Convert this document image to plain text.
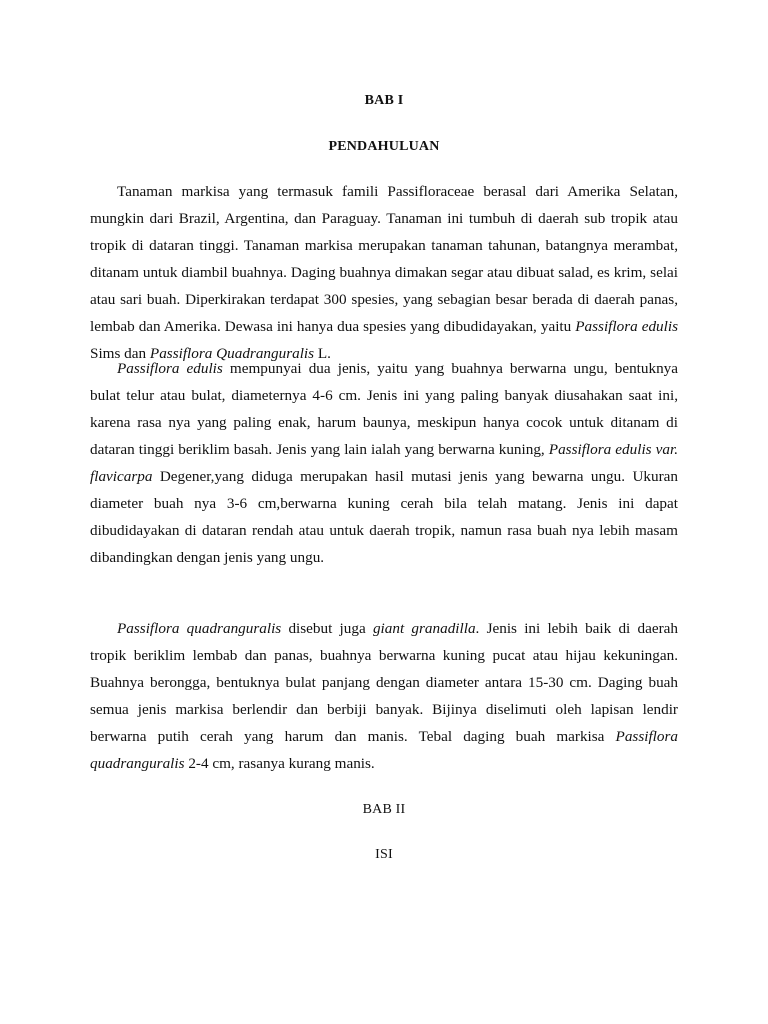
BAB I
PENDAHULUAN

Tanaman markisa yang termasuk famili Passifloraceae berasal dari Amerika Selatan, mungkin dari Brazil, Argentina, dan Paraguay. Tanaman ini tumbuh di daerah sub tropik atau tropik di dataran tinggi. Tanaman markisa merupakan tanaman tahunan, batangnya merambat, ditanam untuk diambil buahnya. Daging buahnya dimakan segar atau dibuat salad, es krim, selai atau sari buah. Diperkirakan terdapat 300 spesies, yang sebagian besar berada di daerah panas, lembab dan Amerika. Dewasa ini hanya dua spesies yang dibudidayakan, yaitu Passiflora edulis Sims dan Passiflora Quadranguralis L.

Passiflora edulis mempunyai dua jenis, yaitu yang buahnya berwarna ungu, bentuknya bulat telur atau bulat, diameternya 4-6 cm. Jenis ini yang paling banyak diusahakan saat ini, karena rasa nya yang paling enak, harum baunya, meskipun hanya cocok untuk ditanam di dataran tinggi beriklim basah. Jenis yang lain ialah yang berwarna kuning, Passiflora edulis var. flavicarpa Degener,yang diduga merupakan hasil mutasi jenis yang bewarna ungu. Ukuran diameter buah nya 3-6 cm,berwarna kuning cerah bila telah matang. Jenis ini dapat dibudidayakan di dataran rendah atau untuk daerah tropik, namun rasa buah nya lebih masam dibandingkan dengan jenis yang ungu.

Passiflora quadranguralis disebut juga giant granadilla. Jenis ini lebih baik di daerah tropik beriklim lembab dan panas, buahnya berwarna kuning pucat atau hijau kekuningan. Buahnya berongga, bentuknya bulat panjang dengan diameter antara 15-30 cm. Daging buah semua jenis markisa berlendir dan berbiji banyak. Bijinya diselimuti oleh lapisan lendir berwarna putih cerah yang harum dan manis. Tebal daging buah markisa Passiflora quadranguralis 2-4 cm, rasanya kurang manis.

BAB II
ISI
